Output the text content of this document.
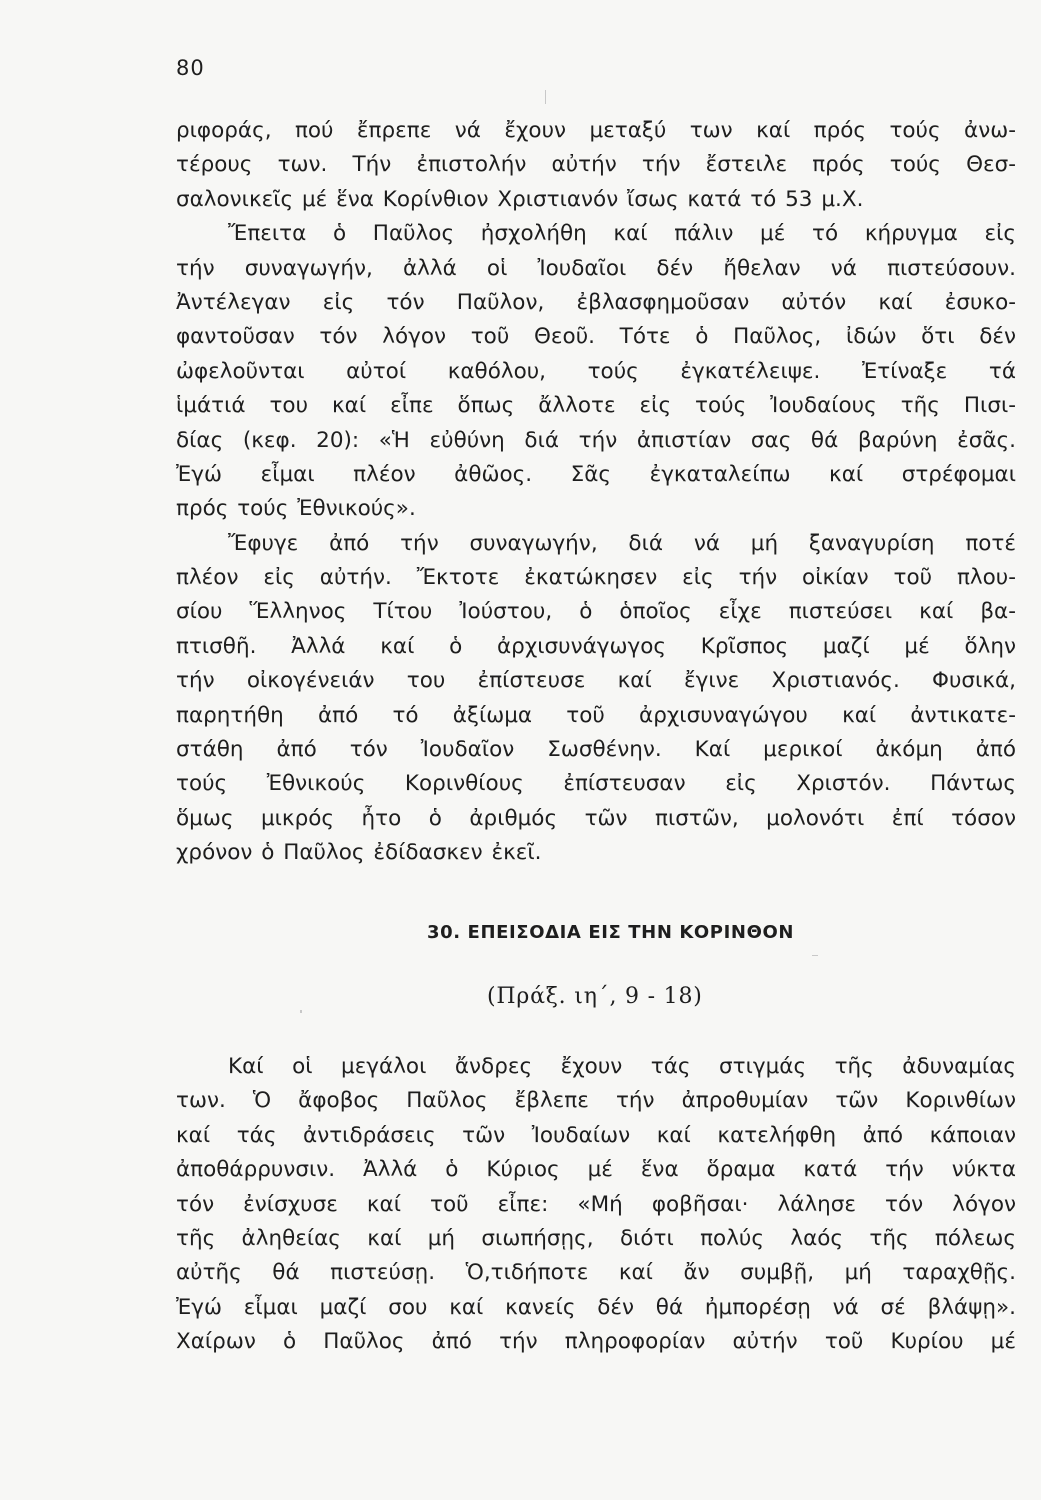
80
ριφοράς, πού ἔπρεπε νά ἔχουν μεταξύ των καί πρός τούς ἀνω-
τέρους των. Τήν ἐπιστολήν αὐτήν τήν ἔστειλε πρός τούς Θεσ-
σαλονικεῖς μέ ἕνα Κορίνθιον Χριστιανόν ἴσως κατά τό 53 μ.Χ.
Ἔπειτα ὁ Παῦλος ἠσχολήθη καί πάλιν μέ τό κήρυγμα εἰς
τήν συναγωγήν, ἀλλά οἱ Ἰουδαῖοι δέν ἤθελαν νά πιστεύσουν.
Ἀντέλεγαν εἰς τόν Παῦλον, ἐβλασφημοῦσαν αὐτόν καί ἐσυκο-
φαντοῦσαν τόν λόγον τοῦ Θεοῦ. Τότε ὁ Παῦλος, ἰδών ὅτι δέν
ὠφελοῦνται αὐτοί καθόλου, τούς ἐγκατέλειψε. Ἐτίναξε τά
ἱμάτιά του καί εἶπε ὅπως ἄλλοτε εἰς τούς Ἰουδαίους τῆς Πισι-
δίας (κεφ. 20): «Ἡ εὐθύνη διά τήν ἀπιστίαν σας θά βαρύνη ἐσᾶς.
Ἐγώ εἶμαι πλέον ἀθῶος. Σᾶς ἐγκαταλείπω καί στρέφομαι
πρός τούς Ἐθνικούς».
Ἔφυγε ἀπό τήν συναγωγήν, διά νά μή ξαναγυρίση ποτέ
πλέον εἰς αὐτήν. Ἔκτοτε ἐκατώκησεν εἰς τήν οἰκίαν τοῦ πλου-
σίου Ἕλληνος Τίτου Ἰούστου, ὁ ὁποῖος εἶχε πιστεύσει καί βα-
πτισθῆ. Ἀλλά καί ὁ ἀρχισυνάγωγος Κρῖσπος μαζί μέ ὅλην
τήν οἰκογένειάν του ἐπίστευσε καί ἔγινε Χριστιανός. Φυσικά,
παρητήθη ἀπό τό ἀξίωμα τοῦ ἀρχισυναγώγου καί ἀντικατε-
στάθη ἀπό τόν Ἰουδαῖον Σωσθένην. Καί μερικοί ἀκόμη ἀπό
τούς Ἐθνικούς Κορινθίους ἐπίστευσαν εἰς Χριστόν. Πάντως
ὅμως μικρός ἦτο ὁ ἀριθμός τῶν πιστῶν, μολονότι ἐπί τόσον
χρόνον ὁ Παῦλος ἐδίδασκεν ἐκεῖ.
30. ΕΠΕΙΣΟΔΙΑ ΕΙΣ ΤΗΝ ΚΟΡΙΝΘΟΝ
(Πράξ. ιη΄, 9 - 18)
Καί οἱ μεγάλοι ἄνδρες ἔχουν τάς στιγμάς τῆς ἀδυναμίας
των. Ὁ ἄφοβος Παῦλος ἔβλεπε τήν ἀπροθυμίαν τῶν Κορινθίων
καί τάς ἀντιδράσεις τῶν Ἰουδαίων καί κατελήφθη ἀπό κάποιαν
ἀποθάρρυνσιν. Ἀλλά ὁ Κύριος μέ ἕνα ὅραμα κατά τήν νύκτα
τόν ἐνίσχυσε καί τοῦ εἶπε: «Μή φοβῆσαι· λάλησε τόν λόγον
τῆς ἀληθείας καί μή σιωπήσῃς, διότι πολύς λαός τῆς πόλεως
αὐτῆς θά πιστεύσῃ. Ὁ,τιδήποτε καί ἄν συμβῇ, μή ταραχθῇς.
Ἐγώ εἶμαι μαζί σου καί κανείς δέν θά ἠμπορέσῃ νά σέ βλάψῃ».
Χαίρων ὁ Παῦλος ἀπό τήν πληροφορίαν αὐτήν τοῦ Κυρίου μέ
